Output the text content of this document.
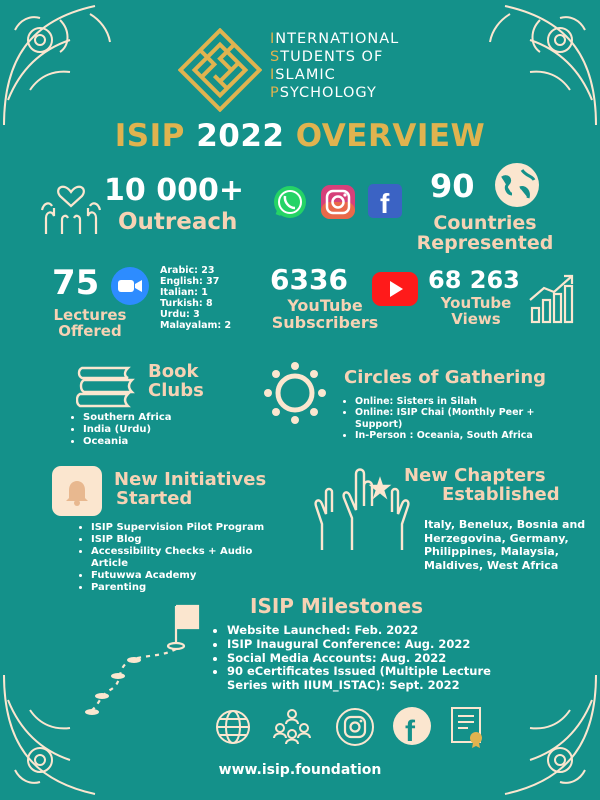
INTERNATIONAL
STUDENTS OF
ISLAMIC
PSYCHOLOGY
ISIP 2022 OVERVIEW
10 000+
Outreach
f 90
Countries
Represented
75
Lectures
Offered
Arabic: 23
English: 37
Italian: 1
Turkish: 8
Urdu: 3
Malayalam: 2
6336
YouTube
Subscribers
68 263
YouTube
Views
Book
Clubs
• Southern Africa
• India (Urdu)
• Oceania
Circles of Gathering
• Online: Sisters in Silah
• Online: ISIP Chai (Monthly Peer + Support)
• In-Person : Oceania, South Africa
New Initiatives
Started
• ISIP Supervision Pilot Program
• ISIP Blog
• Accessibility Checks + Audio Article
• Futuwwa Academy
• Parenting
New Chapters
Established
Italy, Benelux, Bosnia and Herzegovina, Germany, Philippines, Malaysia, Maldives, West Africa
ISIP Milestones
• Website Launched: Feb. 2022
• ISIP Inaugural Conference: Aug. 2022
• Social Media Accounts: Aug. 2022
• 90 eCertificates Issued (Multiple Lecture Series with IIUM_ISTAC): Sept. 2022
f
www.isip.foundation
